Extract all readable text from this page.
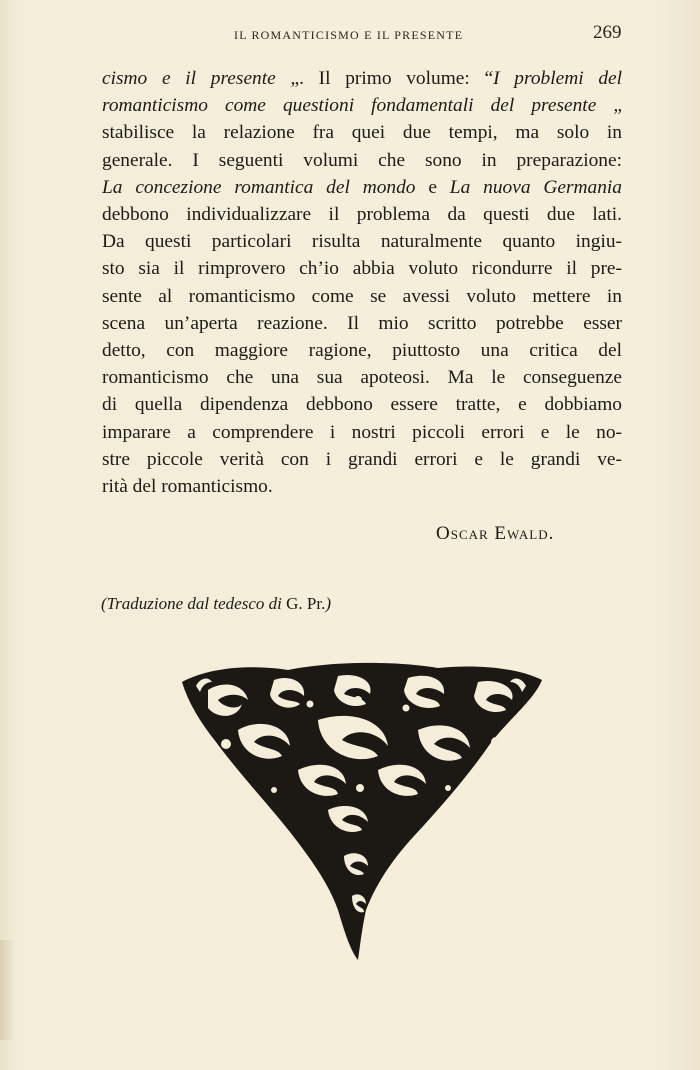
IL ROMANTICISMO E IL PRESENTE	269
cismo e il presente „. Il primo volume: “I problemi del
romanticismo come questioni fondamentali del presente „
stabilisce la relazione fra quei due tempi, ma solo in
generale. I seguenti volumi che sono in preparazione:
La concezione romantica del mondo e La nuova Germania
debbono individualizzare il problema da questi due lati.
Da questi particolari risulta naturalmente quanto ingiu-
sto sia il rimprovero ch’io abbia voluto ricondurre il pre-
sente al romanticismo come se avessi voluto mettere in
scena un’aperta reazione. Il mio scritto potrebbe esser
detto, con maggiore ragione, piuttosto una critica del
romanticismo che una sua apoteosi. Ma le conseguenze
di quella dipendenza debbono essere tratte, e dobbiamo
imparare a comprendere i nostri piccoli errori e le no-
stre piccole verità con i grandi errori e le grandi ve-
rità del romanticismo.
Oscar Ewald.
(Traduzione dal tedesco di G. Pr.)
